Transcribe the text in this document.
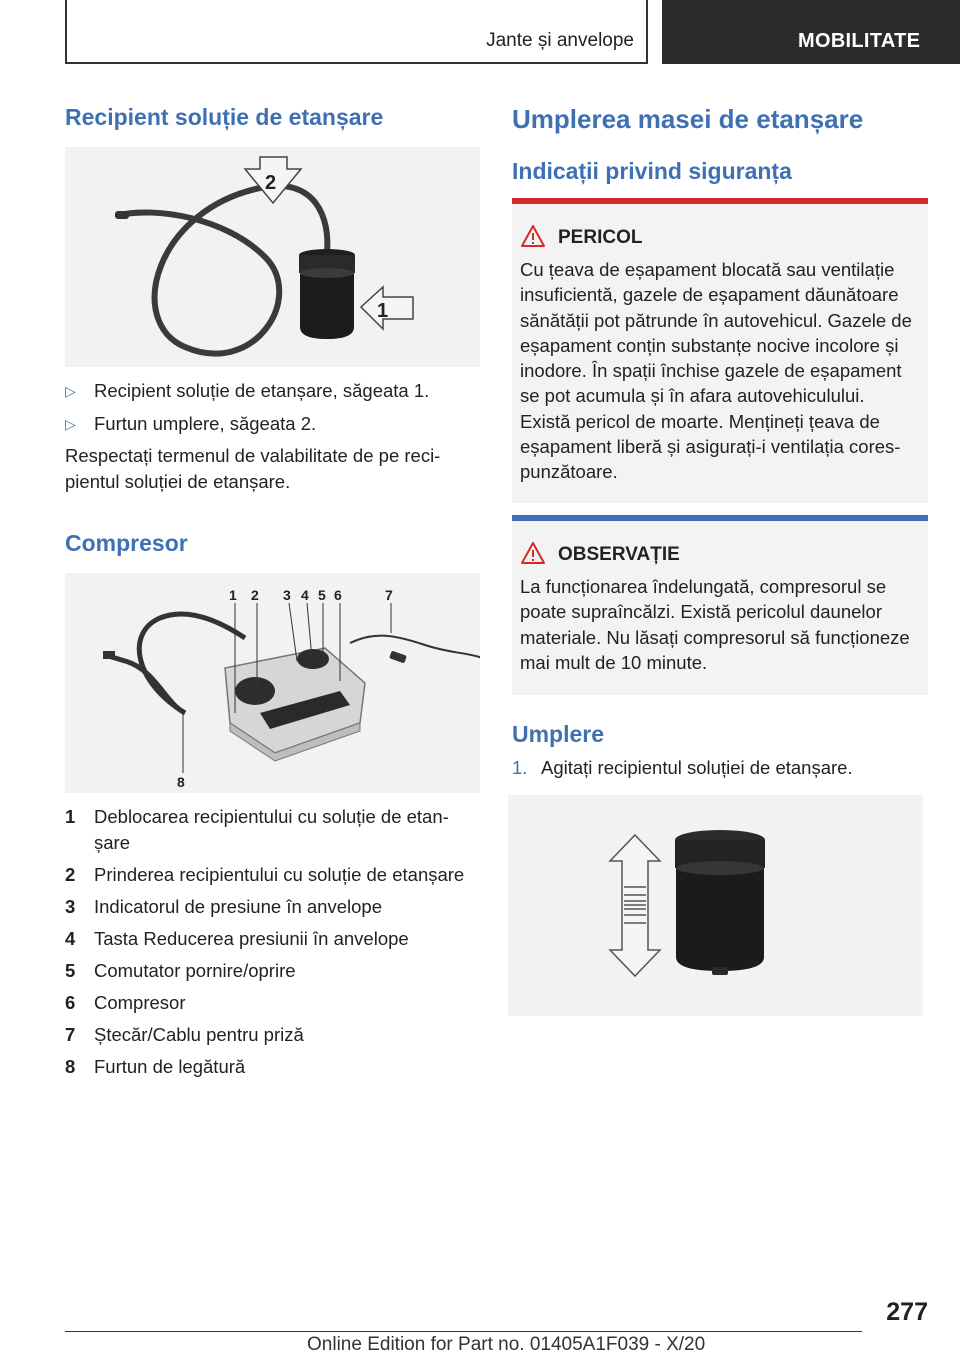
Jante și anvelope	MOBILITATE
Recipient soluție de etanșare
2
1
▷ Recipient soluție de etanșare, săgeata 1.
▷ Furtun umplere, săgeata 2.

Respectați termenul de valabilitate de pe reci-
pientul soluției de etanșare.

Compresor
1 2 3 4 5 6	7
8
1 Deblocarea recipientului cu soluție de etan-
șare
2 Prinderea recipientului cu soluție de etanșare
3 Indicatorul de presiune în anvelope
4 Tasta Reducerea presiunii în anvelope
5 Comutator pornire/oprire
6 Compresor
7 Ștecăr/Cablu pentru priză
8 Furtun de legătură
Umplerea masei de etanșare
Indicații privind siguranța
PERICOL
Cu țeava de eșapament blocată sau ventilație
insuficientă, gazele de eșapament dăunătoare
sănătății pot pătrunde în autovehicul. Gazele de
eșapament conțin substanțe nocive incolore și
inodore. În spații închise gazele de eșapament
se pot acumula și în afara autovehiculului.
Există pericol de moarte. Mențineți țeava de
eșapament liberă și asigurați-i ventilația cores-
punzătoare.
OBSERVAȚIE
La funcționarea îndelungată, compresorul se
poate supraîncălzi. Există pericolul daunelor
materiale. Nu lăsați compresorul să funcționeze
mai mult de 10 minute.
Umplere
1. Agitați recipientul soluției de etanșare.
277
Online Edition for Part no. 01405A1F039 - X/20
